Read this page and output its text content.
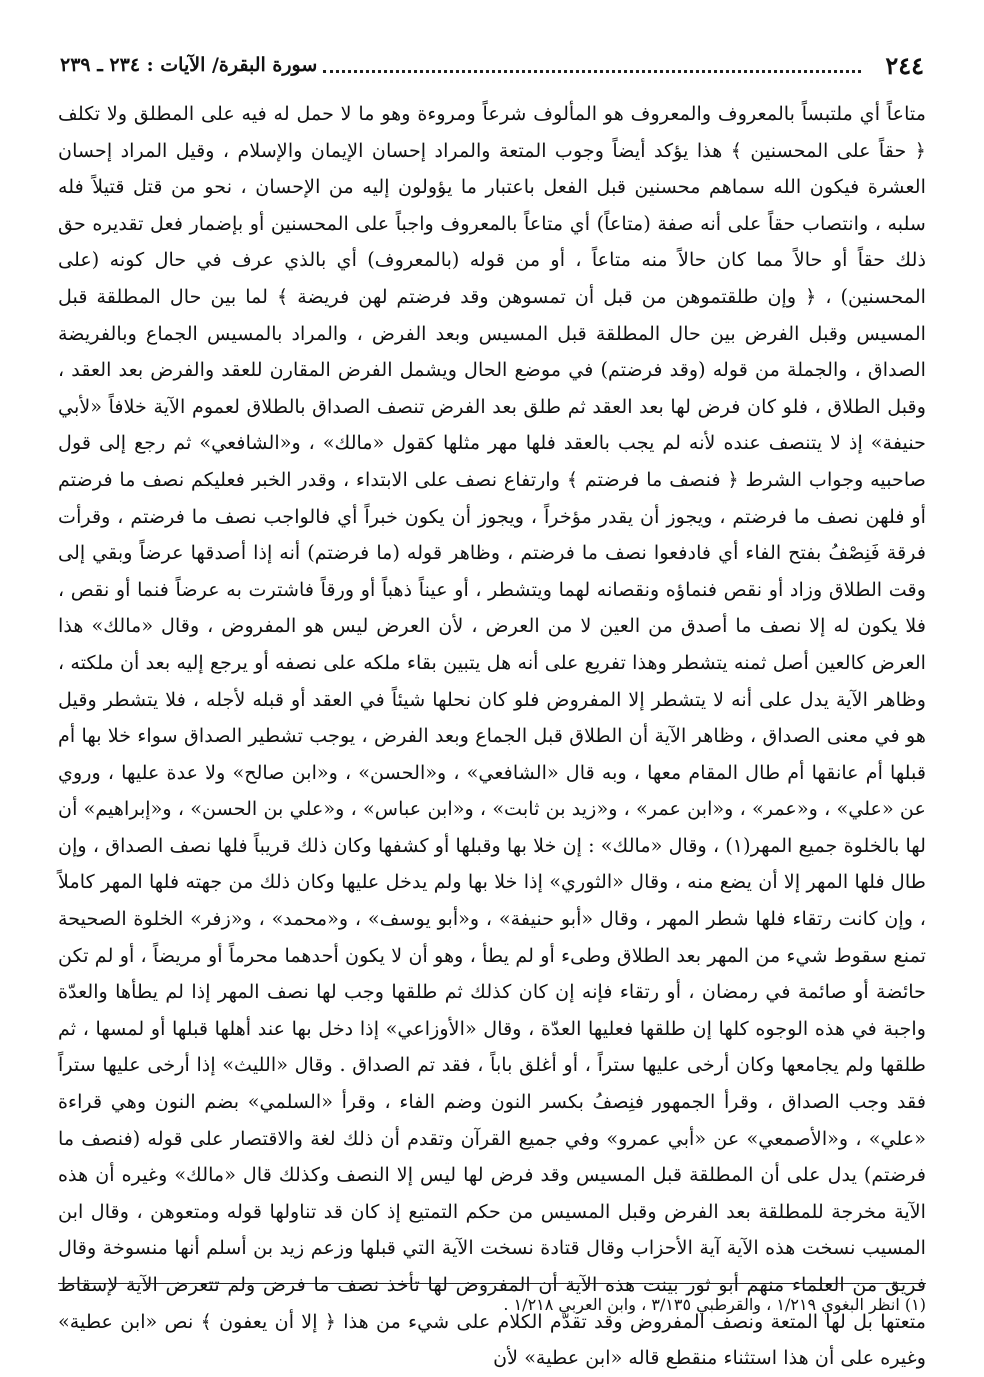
٢٤٤
سورة البقرة/ الآيات : ٢٣٤ ـ ٢٣٩

متاعاً أي ملتبساً بالمعروف والمعروف هو المألوف شرعاً ومروءة وهو ما لا حمل له فيه على المطلق ولا تكلف ﴿ حقاً على المحسنين ﴾ هذا يؤكد أيضاً وجوب المتعة والمراد إحسان الإيمان والإسلام ، وقيل المراد إحسان العشرة فيكون الله سماهم محسنين قبل الفعل باعتبار ما يؤولون إليه من الإحسان ، نحو من قتل قتيلاً فله سلبه ، وانتصاب حقاً على أنه صفة (متاعاً) أي متاعاً بالمعروف واجباً على المحسنين أو بإضمار فعل تقديره حق ذلك حقاً أو حالاً مما كان حالاً منه متاعاً ، أو من قوله (بالمعروف) أي بالذي عرف في حال كونه (على المحسنين) ، ﴿ وإن طلقتموهن من قبل أن تمسوهن وقد فرضتم لهن فريضة ﴾ لما بين حال المطلقة قبل المسيس وقبل الفرض بين حال المطلقة قبل المسيس وبعد الفرض ، والمراد بالمسيس الجماع وبالفريضة الصداق ، والجملة من قوله (وقد فرضتم) في موضع الحال ويشمل الفرض المقارن للعقد والفرض بعد العقد ، وقبل الطلاق ، فلو كان فرض لها بعد العقد ثم طلق بعد الفرض تنصف الصداق بالطلاق لعموم الآية خلافاً «لأبي حنيفة» إذ لا يتنصف عنده لأنه لم يجب بالعقد فلها مهر مثلها كقول «مالك» ، و«الشافعي» ثم رجع إلى قول صاحبيه وجواب الشرط ﴿ فنصف ما فرضتم ﴾ وارتفاع نصف على الابتداء ، وقدر الخبر فعليكم نصف ما فرضتم أو فلهن نصف ما فرضتم ، ويجوز أن يقدر مؤخراً ، ويجوز أن يكون خبراً أي فالواجب نصف ما فرضتم ، وقرأت فرقة فَنِصْفُ بفتح الفاء أي فادفعوا نصف ما فرضتم ، وظاهر قوله (ما فرضتم) أنه إذا أصدقها عرضاً وبقي إلى وقت الطلاق وزاد أو نقص فنماؤه ونقصانه لهما ويتشطر ، أو عيناً ذهباً أو ورقاً فاشترت به عرضاً فنما أو نقص ، فلا يكون له إلا نصف ما أصدق من العين لا من العرض ، لأن العرض ليس هو المفروض ، وقال «مالك» هذا العرض كالعين أصل ثمنه يتشطر وهذا تفريع على أنه هل يتبين بقاء ملكه على نصفه أو يرجع إليه بعد أن ملكته ، وظاهر الآية يدل على أنه لا يتشطر إلا المفروض فلو كان نحلها شيئاً في العقد أو قبله لأجله ، فلا يتشطر وقيل هو في معنى الصداق ، وظاهر الآية أن الطلاق قبل الجماع وبعد الفرض ، يوجب تشطير الصداق سواء خلا بها أم قبلها أم عانقها أم طال المقام معها ، وبه قال «الشافعي» ، و«الحسن» ، و«ابن صالح» ولا عدة عليها ، وروي عن «علي» ، و«عمر» ، و«ابن عمر» ، و«زيد بن ثابت» ، و«ابن عباس» ، و«علي بن الحسن» ، و«إبراهيم» أن لها بالخلوة جميع المهر(١) ، وقال «مالك» : إن خلا بها وقبلها أو كشفها وكان ذلك قريباً فلها نصف الصداق ، وإن طال فلها المهر إلا أن يضع منه ، وقال «الثوري» إذا خلا بها ولم يدخل عليها وكان ذلك من جهته فلها المهر كاملاً ، وإن كانت رتقاء فلها شطر المهر ، وقال «أبو حنيفة» ، و«أبو يوسف» ، و«محمد» ، و«زفر» الخلوة الصحيحة تمنع سقوط شيء من المهر بعد الطلاق وطىء أو لم يطأ ، وهو أن لا يكون أحدهما محرماً أو مريضاً ، أو لم تكن حائضة أو صائمة في رمضان ، أو رتقاء فإنه إن كان كذلك ثم طلقها وجب لها نصف المهر إذا لم يطأها والعدّة واجبة في هذه الوجوه كلها إن طلقها فعليها العدّة ، وقال «الأوزاعي» إذا دخل بها عند أهلها قبلها أو لمسها ، ثم طلقها ولم يجامعها وكان أرخى عليها ستراً ، أو أغلق باباً ، فقد تم الصداق . وقال «الليث» إذا أرخى عليها ستراً فقد وجب الصداق ، وقرأ الجمهور فنِصفُ بكسر النون وضم الفاء ، وقرأ «السلمي» بضم النون وهي قراءة «علي» ، و«الأصمعي» عن «أبي عمرو» وفي جميع القرآن وتقدم أن ذلك لغة والاقتصار على قوله (فنصف ما فرضتم) يدل على أن المطلقة قبل المسيس وقد فرض لها ليس إلا النصف وكذلك قال «مالك» وغيره أن هذه الآية مخرجة للمطلقة بعد الفرض وقبل المسيس من حكم التمتيع إذ كان قد تناولها قوله ومتعوهن ، وقال ابن المسيب نسخت هذه الآية آية الأحزاب وقال قتادة نسخت الآية التي قبلها وزعم زيد بن أسلم أنها منسوخة وقال فريق من العلماء منهم أبو ثور بينت هذه الآية أن المفروض لها تأخذ نصف ما فرض ولم تتعرض الآية لإسقاط متعتها بل لها المتعة ونصف المفروض وقد تقدّم الكلام على شيء من هذا ﴿ إلا أن يعفون ﴾ نص «ابن عطية» وغيره على أن هذا استثناء منقطع قاله «ابن عطية» لأن

(١) انظر البغوي ١/٢١٩ ، والقرطبي ٣/١٣٥ ، وابن العربي ١/٢١٨ .
